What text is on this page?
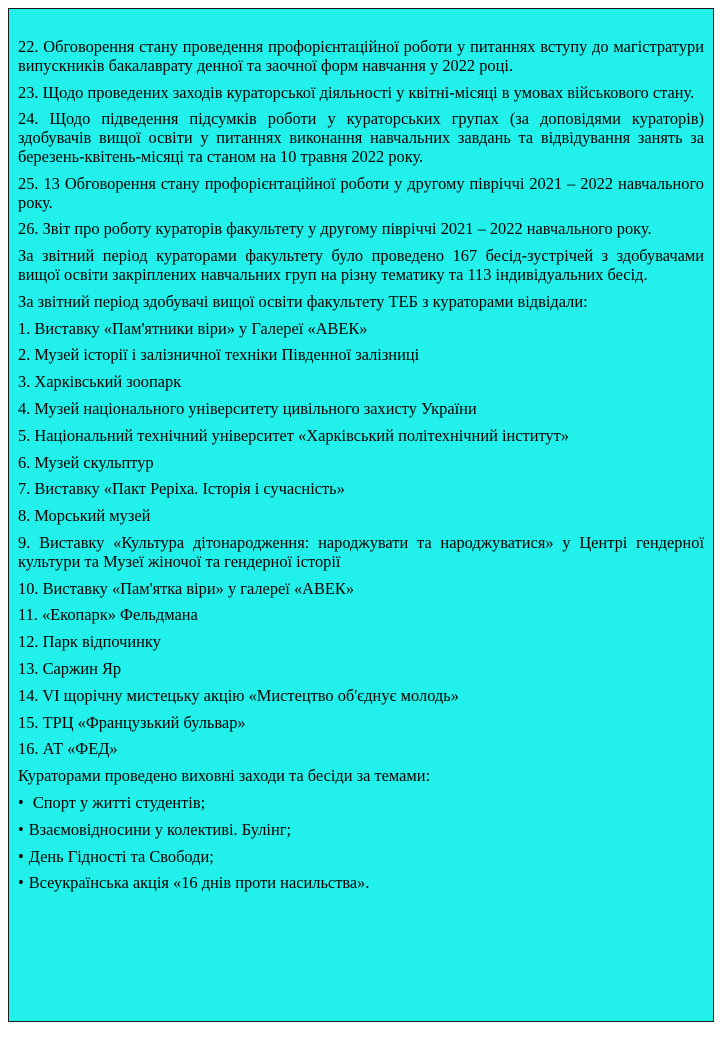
22. Обговорення стану проведення профорієнтаційної роботи у питаннях вступу до магістратури випускників бакалаврату денної та заочної форм навчання у 2022 році.

23. Щодо проведених заходів кураторської діяльності у квітні-місяці в умовах військового стану.

24. Щодо підведення підсумків роботи у кураторських групах (за доповідями кураторів) здобувачів вищої освіти у питаннях виконання навчальних завдань та відвідування занять за березень-квітень-місяці та станом на 10 травня 2022 року.

25. 13 Обговорення стану профорієнтаційної роботи у другому півріччі 2021 – 2022 навчального року.

26. Звіт про роботу кураторів факультету у другому півріччі 2021 – 2022 навчального року.

За звітний період кураторами факультету було проведено 167 бесід-зустрічей з здобувачами вищої освіти закріплених навчальних груп на різну тематику та 113 індивідуальних бесід.

За звітний період здобувачі вищої освіти факультету ТЕБ з кураторами відвідали:

1. Виставку «Пам'ятники віри» у Галереї «АВЕК»

2. Музей історії і залізничної техніки Південної залізниці

3. Харківський зоопарк

4. Музей національного університету цивільного захисту України

5. Національний технічний університет «Харківський політехнічний інститут»

6. Музей скульптур

7. Виставку «Пакт Реріха. Історія і сучасність»

8. Морський музей

9. Виставку «Культура дітонародження: народжувати та народжуватися» у Центрі гендерної культури та Музеї жіночої та гендерної історії

10. Виставку «Пам'ятка віри» у галереї «АВЕК»

11. «Екопарк» Фельдмана

12. Парк відпочинку

13. Саржин Яр

14. VI щорічну мистецьку акцію «Мистецтво об'єднує молодь»

15. ТРЦ «Французький бульвар»

16. АТ «ФЕД»

Кураторами проведено виховні заходи та бесіди за темами:

• Спорт у житті студентів;
• Взаємовідносини у колективі. Булінг;
• День Гідності та Свободи;
• Всеукраїнська акція «16 днів проти насильства».
